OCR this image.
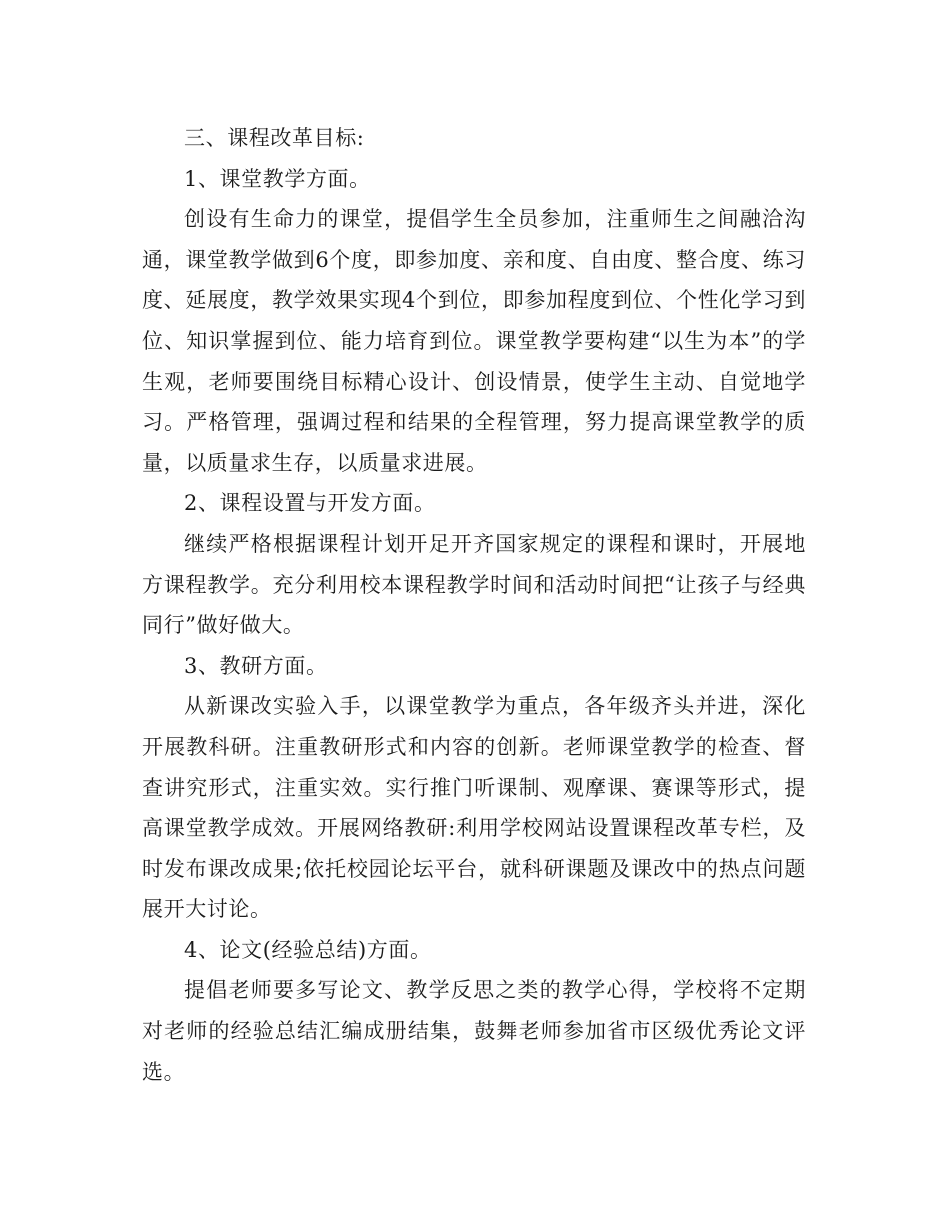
三、课程改革目标:

1、课堂教学方面。

创设有生命力的课堂，提倡学生全员参加，注重师生之间融洽沟通，课堂教学做到6个度，即参加度、亲和度、自由度、整合度、练习度、延展度，教学效果实现4个到位，即参加程度到位、个性化学习到位、知识掌握到位、能力培育到位。课堂教学要构建“以生为本”的学生观，老师要围绕目标精心设计、创设情景，使学生主动、自觉地学习。严格管理，强调过程和结果的全程管理，努力提高课堂教学的质量，以质量求生存，以质量求进展。

2、课程设置与开发方面。

继续严格根据课程计划开足开齐国家规定的课程和课时，开展地方课程教学。充分利用校本课程教学时间和活动时间把“让孩子与经典同行”做好做大。

3、教研方面。

从新课改实验入手，以课堂教学为重点，各年级齐头并进，深化开展教科研。注重教研形式和内容的创新。老师课堂教学的检查、督查讲究形式，注重实效。实行推门听课制、观摩课、赛课等形式，提高课堂教学成效。开展网络教研:利用学校网站设置课程改革专栏，及时发布课改成果;依托校园论坛平台，就科研课题及课改中的热点问题展开大讨论。

4、论文(经验总结)方面。

提倡老师要多写论文、教学反思之类的教学心得，学校将不定期对老师的经验总结汇编成册结集，鼓舞老师参加省市区级优秀论文评选。
